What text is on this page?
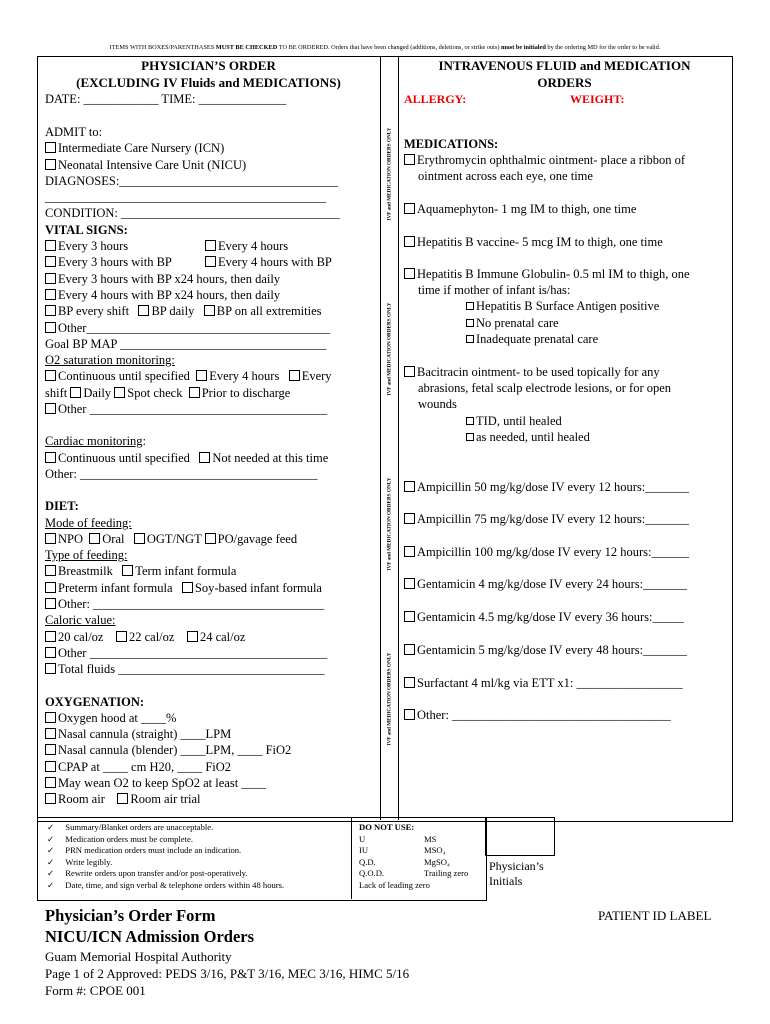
ITEMS WITH BOXES/PARENTHASES MUST BE CHECKED TO BE ORDERED. Orders that have been changed (additions, deletions, or strike outs) must be initialed by the ordering MD for the order to be valid.
IVF and MEDICATION ORDERS ONLY
IVF and MEDICATION ORDERS ONLY
IVF and MEDICATION ORDERS ONLY
IVF and MEDICATION ORDERS ONLY
PHYSICIAN’S ORDER
(EXCLUDING IV Fluids and MEDICATIONS)
DATE: ____________ TIME: ______________
ADMIT to:
Intermediate Care Nursery (ICN)
Neonatal Intensive Care Unit (NICU)
DIAGNOSES:___________________________________
_____________________________________________
CONDITION: ___________________________________
VITAL SIGNS:
Every 3 hours	Every 4 hours
Every 3 hours with BP	Every 4 hours with BP
Every 3 hours with BP x24 hours, then daily
Every 4 hours with BP x24 hours, then daily
BP every shift BP daily BP on all extremities
Other_______________________________________
Goal BP MAP _________________________________
O2 saturation monitoring:
Continuous until specified Every 4 hours Every
shift Daily Spot check Prior to discharge
Other ______________________________________
Cardiac monitoring:
Continuous until specified Not needed at this time
Other: ______________________________________
DIET:
Mode of feeding:
NPO Oral OGT/NGT PO/gavage feed
Type of feeding:
Breastmilk Term infant formula
Preterm infant formula Soy-based infant formula
Other: _____________________________________
Caloric value:
20 cal/oz 22 cal/oz 24 cal/oz
Other ______________________________________
Total fluids _________________________________
OXYGENATION:
Oxygen hood at ____%
Nasal cannula (straight) ____LPM
Nasal cannula (blender) ____LPM, ____ FiO2
CPAP at ____ cm H20, ____ FiO2
May wean O2 to keep SpO2 at least ____
Room air Room air trial
INTRAVENOUS FLUID and MEDICATION
ORDERS
ALLERGY:	WEIGHT:
MEDICATIONS:
Erythromycin ophthalmic ointment- place a ribbon of
ointment across each eye, one time
Aquamephyton- 1 mg IM to thigh, one time
Hepatitis B vaccine- 5 mcg IM to thigh, one time
Hepatitis B Immune Globulin- 0.5 ml IM to thigh, one
time if mother of infant is/has:
Hepatitis B Surface Antigen positive
No prenatal care
Inadequate prenatal care
Bacitracin ointment- to be used topically for any
abrasions, fetal scalp electrode lesions, or for open
wounds
TID, until healed
as needed, until healed
Ampicillin 50 mg/kg/dose IV every 12 hours:_______
Ampicillin 75 mg/kg/dose IV every 12 hours:_______
Ampicillin 100 mg/kg/dose IV every 12 hours:______
Gentamicin 4 mg/kg/dose IV every 24 hours:_______
Gentamicin 4.5 mg/kg/dose IV every 36 hours:_____
Gentamicin 5 mg/kg/dose IV every 48 hours:_______
Surfactant 4 ml/kg via ETT x1: _________________
Other: ___________________________________
✓ Summary/Blanket orders are unacceptable.
✓ Medication orders must be complete.
✓ PRN medication orders must include an indication.
✓ Write legibly.
✓ Rewrite orders upon transfer and/or post-operatively.
✓ Date, time, and sign verbal & telephone orders within 48 hours.
DO NOT USE:
U	MS
IU	MSO₄
Q.D.	MgSO₄
Q.O.D.	Trailing zero
Lack of leading zero
Physician’s
Initials
Physician’s Order Form
NICU/ICN Admission Orders
PATIENT ID LABEL
Guam Memorial Hospital Authority
Page 1 of 2 Approved: PEDS 3/16, P&T 3/16, MEC 3/16, HIMC 5/16
Form #: CPOE 001
